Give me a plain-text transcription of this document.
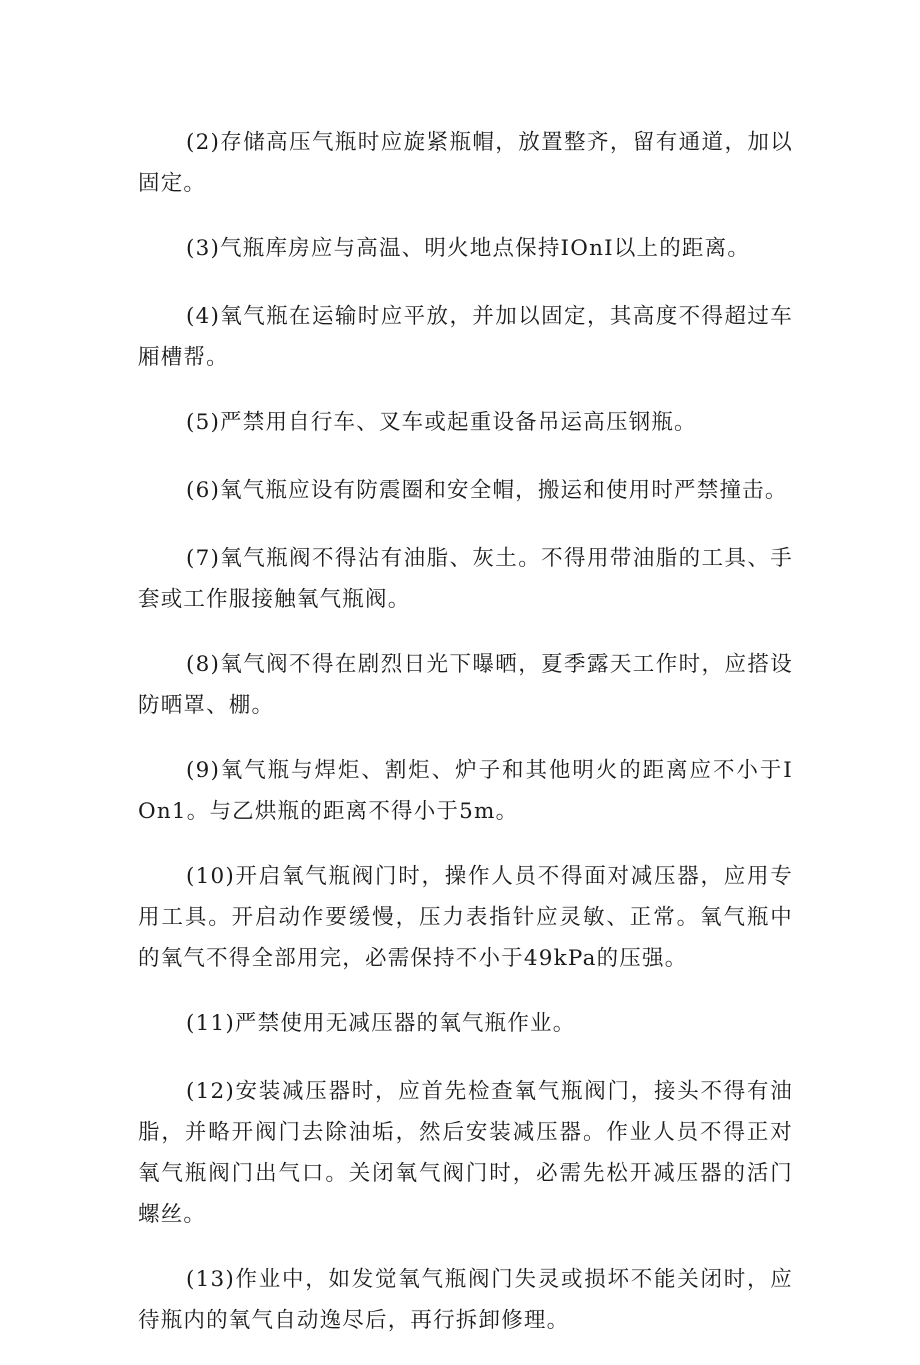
(2)存储高压气瓶时应旋紧瓶帽，放置整齐，留有通道，加以固定。

(3)气瓶库房应与高温、明火地点保持IOnI以上的距离。

(4)氧气瓶在运输时应平放，并加以固定，其高度不得超过车厢槽帮。

(5)严禁用自行车、叉车或起重设备吊运高压钢瓶。

(6)氧气瓶应设有防震圈和安全帽，搬运和使用时严禁撞击。

(7)氧气瓶阀不得沾有油脂、灰土。不得用带油脂的工具、手套或工作服接触氧气瓶阀。

(8)氧气阀不得在剧烈日光下曝晒，夏季露天工作时，应搭设防晒罩、棚。

(9)氧气瓶与焊炬、割炬、炉子和其他明火的距离应不小于IOn1。与乙烘瓶的距离不得小于5m。

(10)开启氧气瓶阀门时，操作人员不得面对减压器，应用专用工具。开启动作要缓慢，压力表指针应灵敏、正常。氧气瓶中的氧气不得全部用完，必需保持不小于49kPa的压强。

(11)严禁使用无减压器的氧气瓶作业。

(12)安装减压器时，应首先检查氧气瓶阀门，接头不得有油脂，并略开阀门去除油垢，然后安装减压器。作业人员不得正对氧气瓶阀门出气口。关闭氧气阀门时，必需先松开减压器的活门螺丝。

(13)作业中，如发觉氧气瓶阀门失灵或损坏不能关闭时，应待瓶内的氧气自动逸尽后，再行拆卸修理。
